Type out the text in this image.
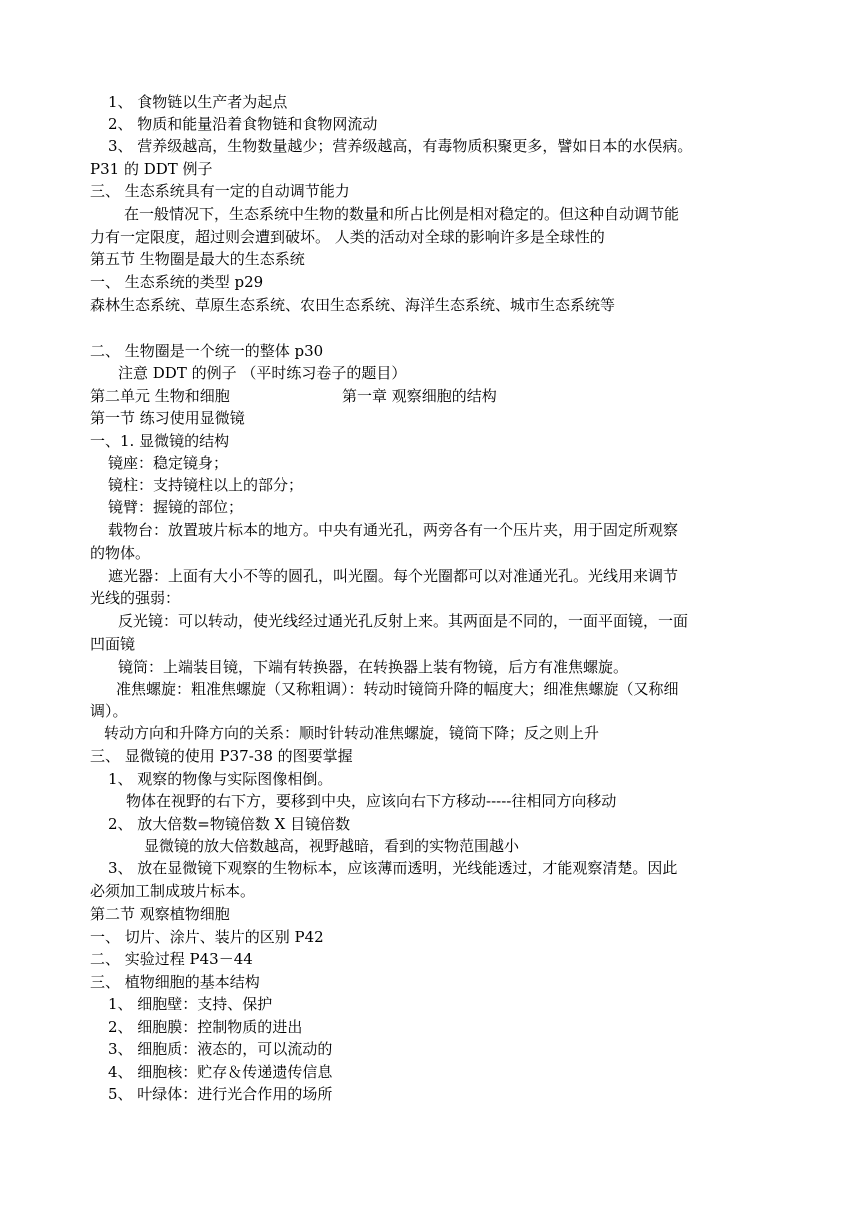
1、 食物链以生产者为起点
2、 物质和能量沿着食物链和食物网流动
3、 营养级越高，生物数量越少；营养级越高，有毒物质积聚更多，譬如日本的水俣病。
P31 的 DDT 例子
三、 生态系统具有一定的自动调节能力
在一般情况下，生态系统中生物的数量和所占比例是相对稳定的。但这种自动调节能
力有一定限度，超过则会遭到破坏。 人类的活动对全球的影响许多是全球性的
第五节 生物圈是最大的生态系统
一、 生态系统的类型 p29
森林生态系统、草原生态系统、农田生态系统、海洋生态系统、城市生态系统等
二、 生物圈是一个统一的整体 p30
注意 DDT 的例子 （平时练习卷子的题目）
第二单元 生物和细胞	第一章 观察细胞的结构
第一节 练习使用显微镜
一、1. 显微镜的结构
镜座：稳定镜身；
镜柱：支持镜柱以上的部分；
镜臂：握镜的部位；
载物台：放置玻片标本的地方。中央有通光孔，两旁各有一个压片夹，用于固定所观察
的物体。
遮光器：上面有大小不等的圆孔，叫光圈。每个光圈都可以对准通光孔。光线用来调节
光线的强弱：
反光镜：可以转动，使光线经过通光孔反射上来。其两面是不同的，一面平面镜，一面
凹面镜
镜筒：上端装目镜，下端有转换器，在转换器上装有物镜，后方有准焦螺旋。
准焦螺旋：粗准焦螺旋（又称粗调）：转动时镜筒升降的幅度大；细准焦螺旋（又称细
调）。
转动方向和升降方向的关系：顺时针转动准焦螺旋，镜筒下降；反之则上升
三、 显微镜的使用 P37-38 的图要掌握
1、 观察的物像与实际图像相倒。
物体在视野的右下方，要移到中央，应该向右下方移动-----往相同方向移动
2、 放大倍数=物镜倍数 X 目镜倍数
显微镜的放大倍数越高，视野越暗，看到的实物范围越小
3、 放在显微镜下观察的生物标本，应该薄而透明，光线能透过，才能观察清楚。因此
必须加工制成玻片标本。
第二节 观察植物细胞
一、 切片、涂片、装片的区别 P42
二、 实验过程 P43－44
三、 植物细胞的基本结构
1、 细胞壁：支持、保护
2、 细胞膜：控制物质的进出
3、 细胞质：液态的，可以流动的
4、 细胞核：贮存＆传递遗传信息
5、 叶绿体：进行光合作用的场所
